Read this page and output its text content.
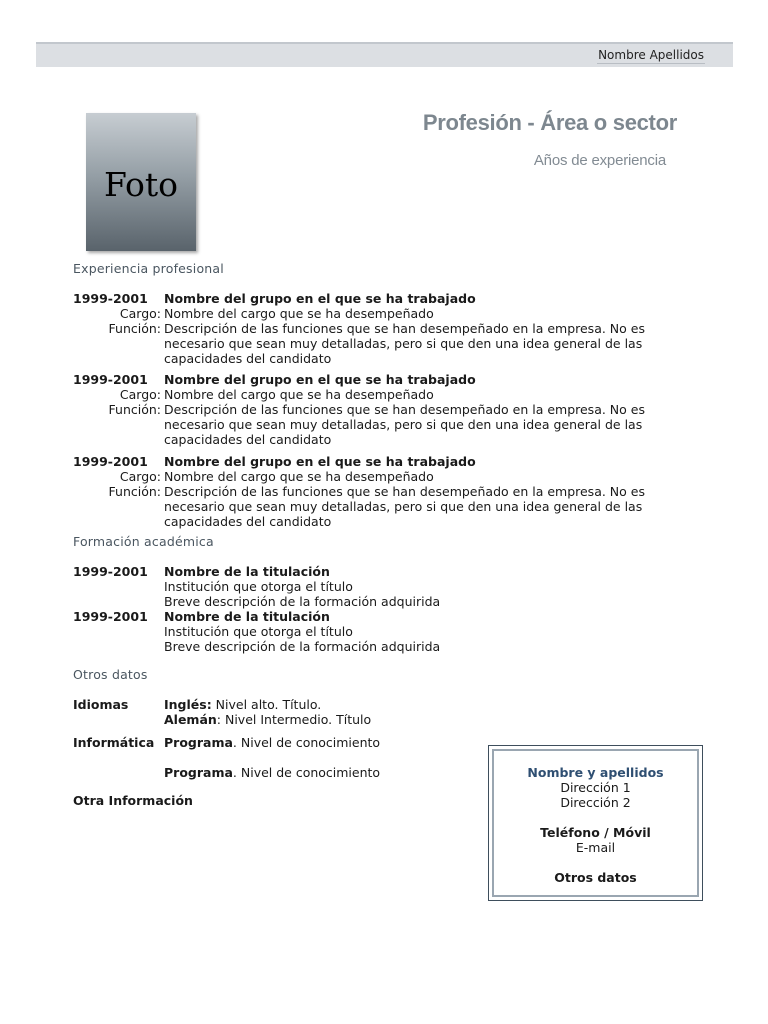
Nombre Apellidos
Foto
Profesión - Área o sector
Años de experiencia
Experiencia profesional
1999-2001 Nombre del grupo en el que se ha trabajado
Cargo: Nombre del cargo que se ha desempeñado
Función: Descripción de las funciones que se han desempeñado en la empresa. No es
necesario que sean muy detalladas, pero si que den una idea general de las
capacidades del candidato
1999-2001 Nombre del grupo en el que se ha trabajado
Cargo: Nombre del cargo que se ha desempeñado
Función: Descripción de las funciones que se han desempeñado en la empresa. No es
necesario que sean muy detalladas, pero si que den una idea general de las
capacidades del candidato
1999-2001 Nombre del grupo en el que se ha trabajado
Cargo: Nombre del cargo que se ha desempeñado
Función: Descripción de las funciones que se han desempeñado en la empresa. No es
necesario que sean muy detalladas, pero si que den una idea general de las
capacidades del candidato
Formación académica
1999-2001 Nombre de la titulación
Institución que otorga el título
Breve descripción de la formación adquirida
1999-2001 Nombre de la titulación
Institución que otorga el título
Breve descripción de la formación adquirida
Otros datos
Idiomas	Inglés: Nivel alto. Título.
Alemán: Nivel Intermedio. Título
Informática Programa. Nivel de conocimiento
Programa. Nivel de conocimiento
Otra Información
Nombre y apellidos
Dirección 1
Dirección 2
Teléfono / Móvil
E-mail
Otros datos
